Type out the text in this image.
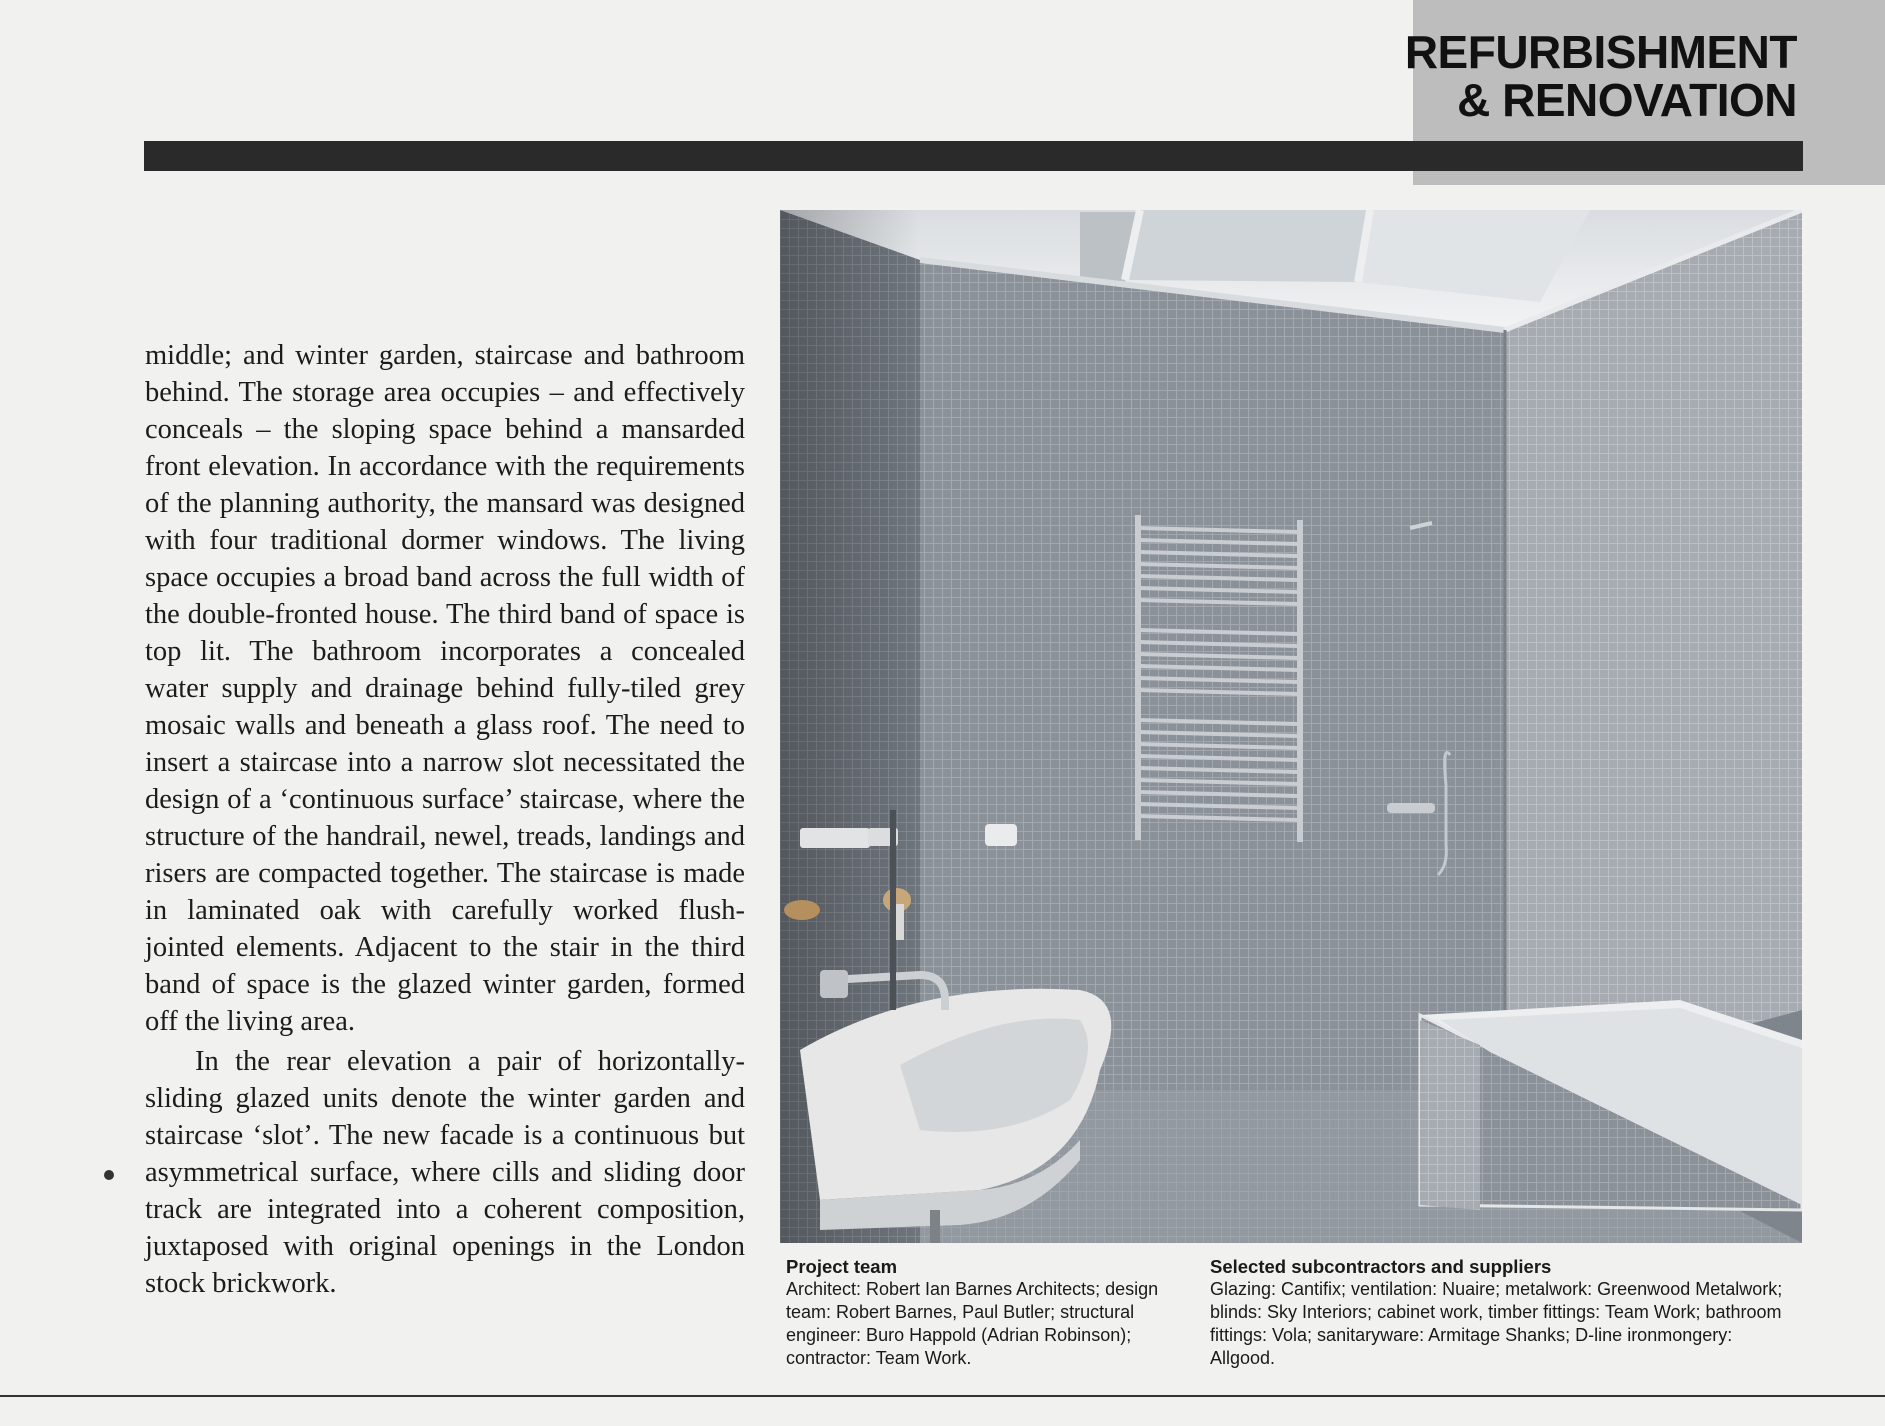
REFURBISHMENT
& RENOVATION

middle; and winter garden, staircase and bathroom behind. The storage area occupies – and effectively conceals – the sloping space behind a mansarded front elevation. In accordance with the requirements of the planning authority, the mansard was designed with four traditional dormer windows. The living space occupies a broad band across the full width of the double-fronted house. The third band of space is top lit. The bathroom incorporates a concealed water supply and drainage behind fully-tiled grey mosaic walls and beneath a glass roof. The need to insert a staircase into a narrow slot necessitated the design of a ‘continuous surface’ staircase, where the structure of the handrail, newel, treads, landings and risers are compacted together. The staircase is made in laminated oak with carefully worked flush-jointed elements. Adjacent to the stair in the third band of space is the glazed winter garden, formed off the living area.

In the rear elevation a pair of horizontally-sliding glazed units denote the winter garden and staircase ‘slot’. The new facade is a continuous but asymmetrical surface, where cills and sliding door track are integrated into a coherent composition, juxtaposed with original openings in the London stock brickwork.

Project team
Architect: Robert Ian Barnes Architects; design team: Robert Barnes, Paul Butler; structural engineer: Buro Happold (Adrian Robinson); contractor: Team Work.
Selected subcontractors and suppliers
Glazing: Cantifix; ventilation: Nuaire; metalwork: Greenwood Metalwork; blinds: Sky Interiors; cabinet work, timber fittings: Team Work; bathroom fittings: Vola; sanitaryware: Armitage Shanks; D-line ironmongery: Allgood.
